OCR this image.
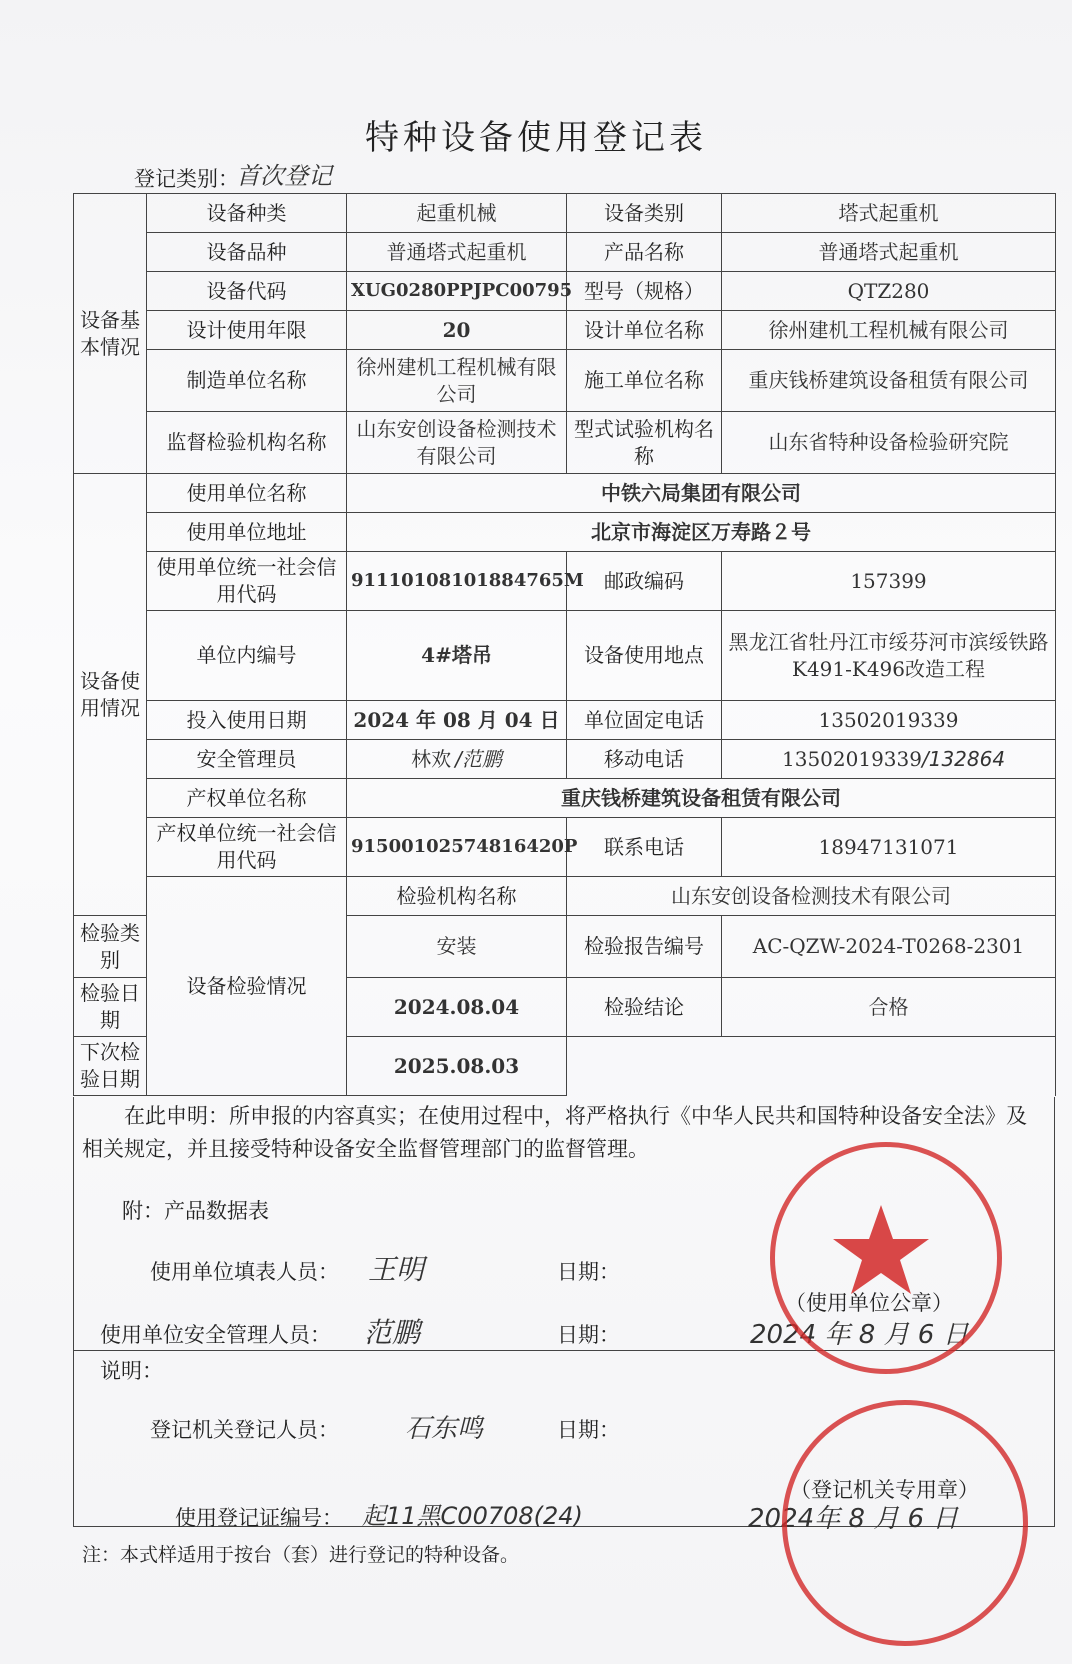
特种设备使用登记表
登记类别：
首次登记
设备基本情况	设备种类	起重机械	设备类别	塔式起重机
	设备品种	普通塔式起重机	产品名称	普通塔式起重机
	设备代码	XUG0280PPJPC00795	型号（规格）	QTZ280
	设计使用年限	20	设计单位名称	徐州建机工程机械有限公司
	制造单位名称	徐州建机工程机械有限公司	施工单位名称	重庆钱桥建筑设备租赁有限公司
	监督检验机构名称	山东安创设备检测技术有限公司	型式试验机构名称	山东省特种设备检验研究院
设备使用情况	使用单位名称	中铁六局集团有限公司		
	使用单位地址	北京市海淀区万寿路２号		
	使用单位统一社会信用代码	91110108101884765M	邮政编码	157399
	单位内编号	4#塔吊	设备使用地点	黑龙江省牡丹江市绥芬河市滨绥铁路K491-K496改造工程
	投入使用日期	2024 年 08 月 04 日	单位固定电话	13502019339
	安全管理员	林欢 /范鹏	移动电话	13502019339/132864
	产权单位名称	重庆钱桥建筑设备租赁有限公司		
	产权单位统一社会信用代码	91500102574816420P	联系电话	18947131071
	设备检验情况	检验机构名称	山东安创设备检测技术有限公司	
检验类别		安装	检验报告编号	AC-QZW-2024-T0268-2301
检验日期		2024.08.04	检验结论	合格
下次检验日期		2025.08.03		
在此申明：所申报的内容真实；在使用过程中，将严格执行《中华人民共和国特种设备安全法》及相关规定，并且接受特种设备安全监督管理部门的监督管理。
附：产品数据表
使用单位填表人员： 王明	日期：
（使用单位公章）
使用单位安全管理人员： 范鹏	日期：	2024 年 8 月 6 日
说明：
登记机关登记人员：	石东鸣	日期：
（登记机关专用章）
使用登记证编号： 起11黑C00708(24)	2024年 8 月 6 日
注：本式样适用于按台（套）进行登记的特种设备。
